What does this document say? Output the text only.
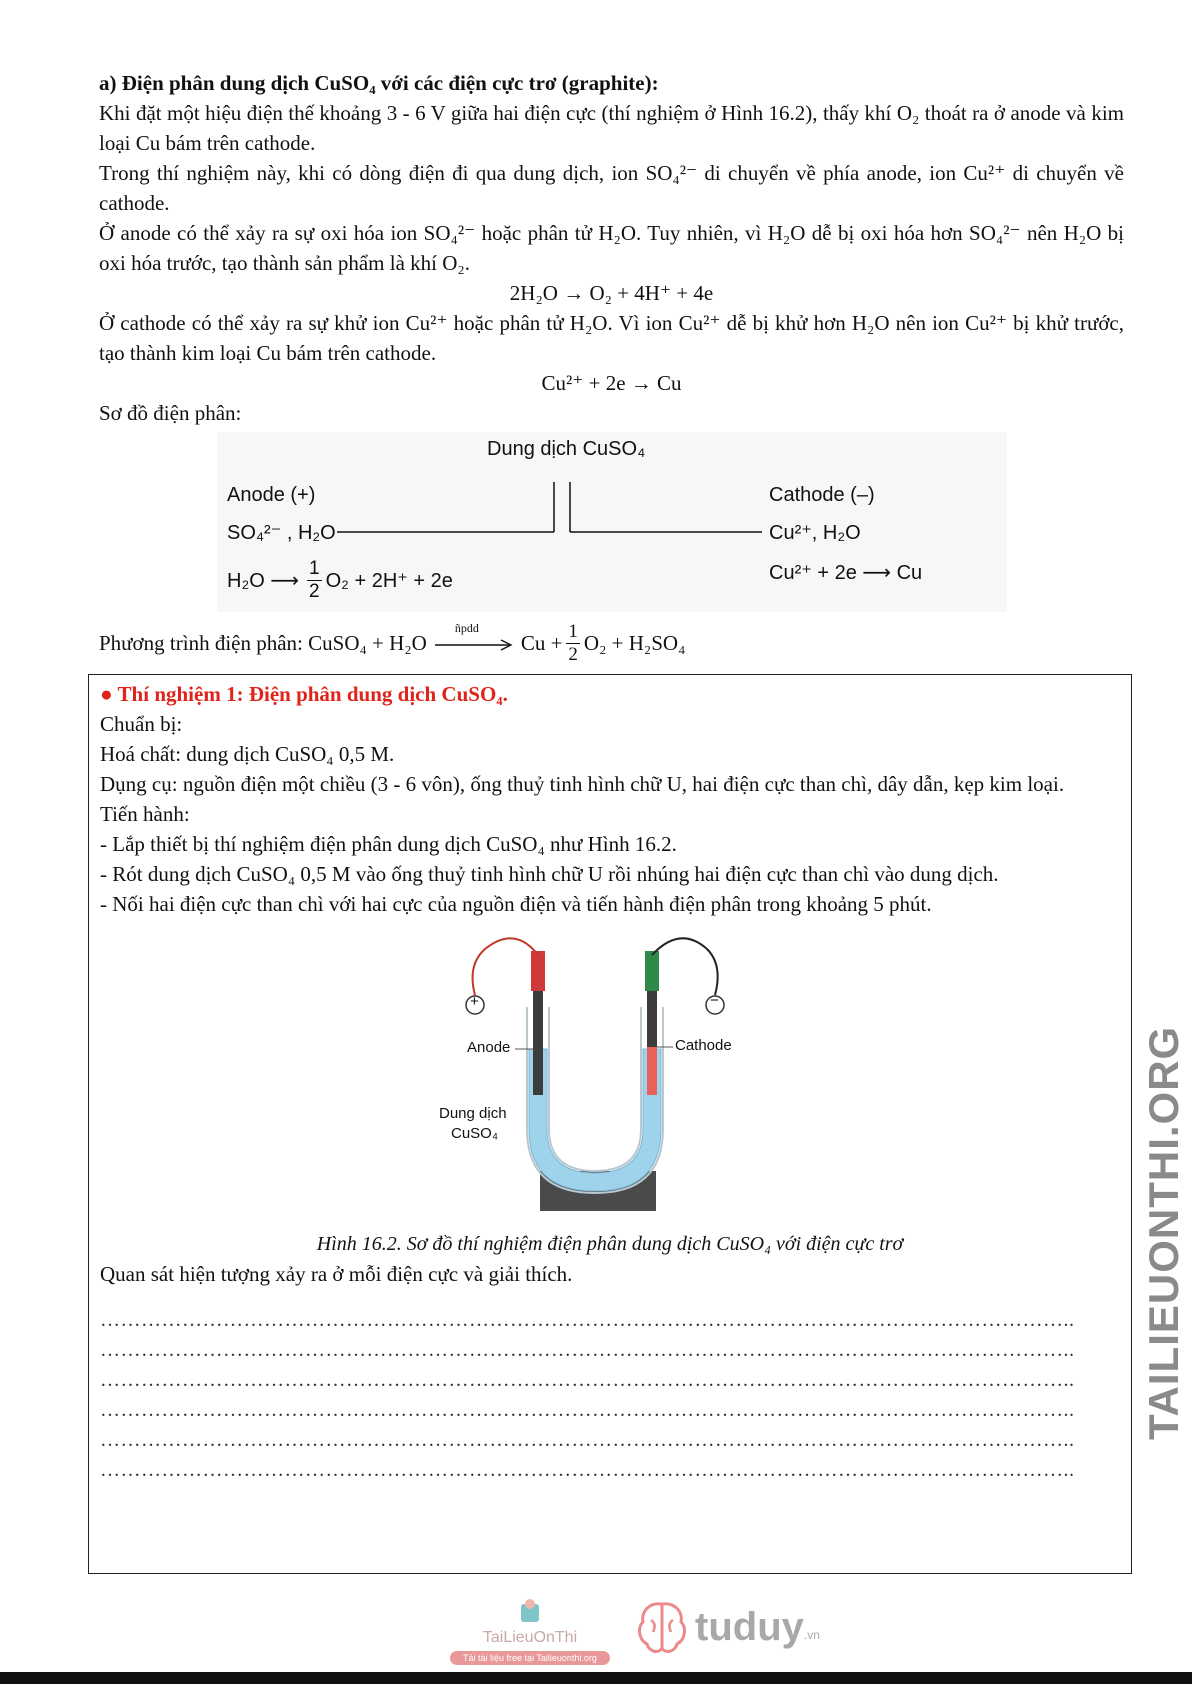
a) Điện phân dung dịch CuSO₄ với các điện cực trơ (graphite):

Khi đặt một hiệu điện thế khoảng 3 - 6 V giữa hai điện cực (thí nghiệm ở Hình 16.2), thấy khí O₂ thoát ra ở anode và kim loại Cu bám trên cathode.

Trong thí nghiệm này, khi có dòng điện đi qua dung dịch, ion SO₄²⁻ di chuyển về phía anode, ion Cu²⁺ di chuyển về cathode.

Ở anode có thể xảy ra sự oxi hóa ion SO₄²⁻ hoặc phân tử H₂O. Tuy nhiên, vì H₂O dễ bị oxi hóa hơn SO₄²⁻ nên H₂O bị oxi hóa trước, tạo thành sản phẩm là khí O₂.

2H₂O → O₂ + 4H⁺ + 4e

Ở cathode có thể xảy ra sự khử ion Cu²⁺ hoặc phân tử H₂O. Vì ion Cu²⁺ dễ bị khử hơn H₂O nên ion Cu²⁺ bị khử trước, tạo thành kim loại Cu bám trên cathode.

Cu²⁺ + 2e → Cu

Sơ đồ điện phân:

Dung dịch CuSO₄
Anode (+)
SO₄²⁻ , H₂O
H₂O ⟶ $\frac{1}{2} O_2 + 2H^+ + 2e$
Cathode (–)
Cu²⁺, H₂O
Cu²⁺ + 2e ⟶ Cu
Phương trình điện phân: CuSO₄ + H₂O
ñpdd
$Cu + \frac{1}{2} O_2 + H_2SO_4$

● Thí nghiệm 1: Điện phân dung dịch CuSO₄.

Chuẩn bị:

Hoá chất: dung dịch CuSO₄ 0,5 M.

Dụng cụ: nguồn điện một chiều (3 - 6 vôn), ống thuỷ tinh hình chữ U, hai điện cực than chì, dây dẫn, kẹp kim loại.

Tiến hành:

- Lắp thiết bị thí nghiệm điện phân dung dịch CuSO₄ như Hình 16.2.

- Rót dung dịch CuSO₄ 0,5 M vào ống thuỷ tinh hình chữ U rồi nhúng hai điện cực than chì vào dung dịch.

- Nối hai điện cực than chì với hai cực của nguồn điện và tiến hành điện phân trong khoảng 5 phút.

+	−
Anode	Cathode
Dung dịch
CuSO₄

Hình 16.2. Sơ đồ thí nghiệm điện phân dung dịch CuSO₄ với điện cực trơ

Quan sát hiện tượng xảy ra ở mỗi điện cực và giải thích.

……………………………………………………………………………………………………………………………..
……………………………………………………………………………………………………………………………..
……………………………………………………………………………………………………………………………..
……………………………………………………………………………………………………………………………..
……………………………………………………………………………………………………………………………..
……………………………………………………………………………………………………………………………..
TAILIEUONTHI.ORG
TaiLieuOnThi
Tải tài liệu free tại Tailieuonthi.org
tuduy .vn
